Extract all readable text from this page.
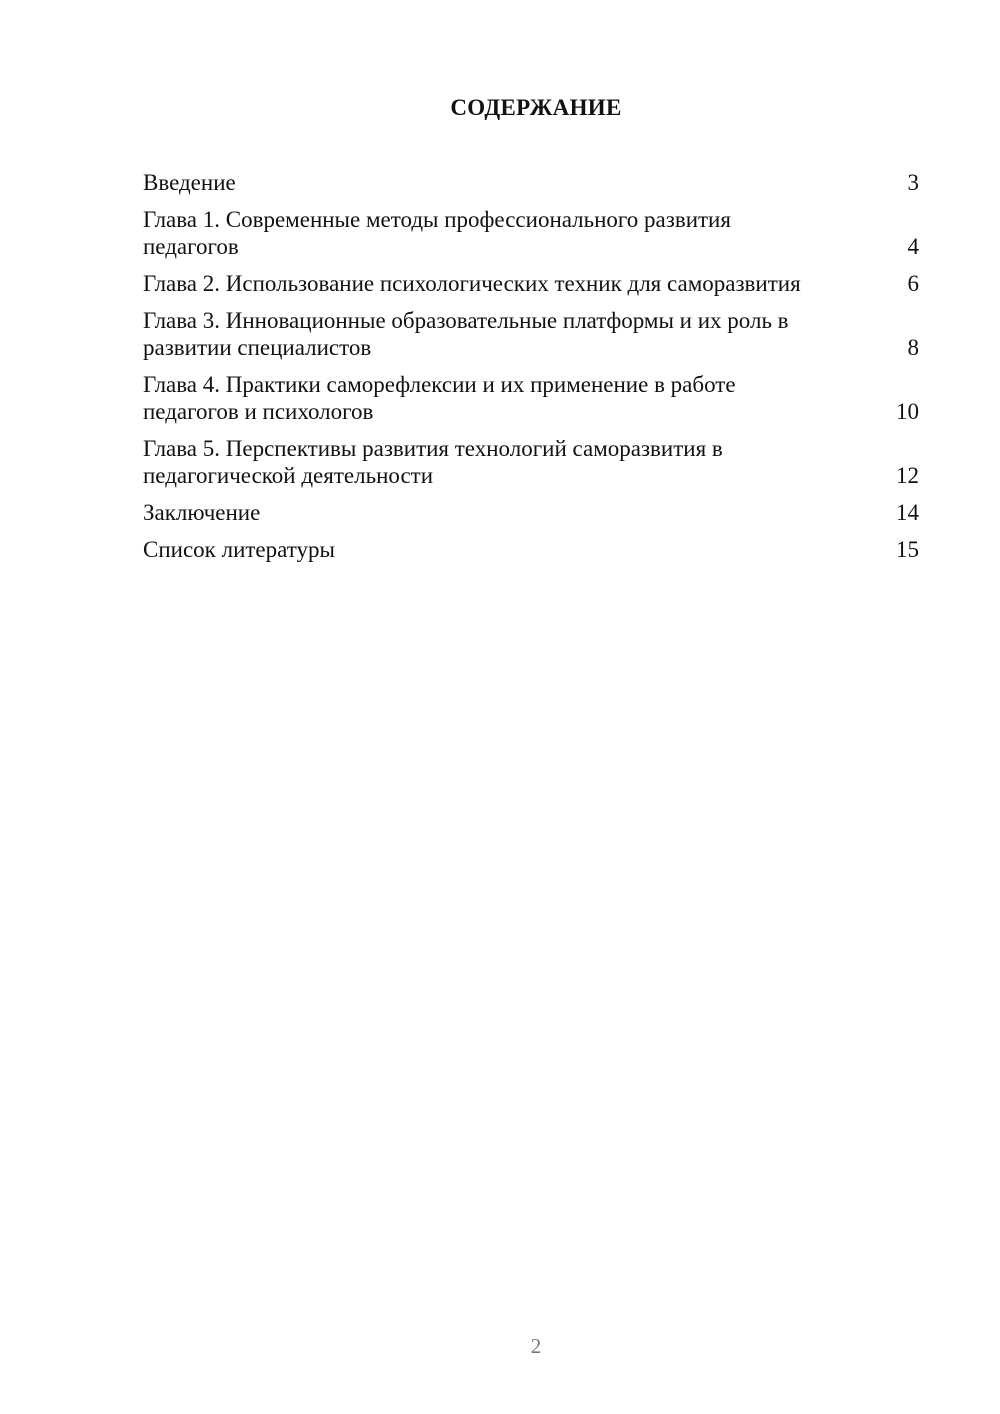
СОДЕРЖАНИЕ
Введение	3
Глава 1. Современные методы профессионального развития педагогов	4
Глава 2. Использование психологических техник для саморазвития	6
Глава 3. Инновационные образовательные платформы и их роль в развитии специалистов	8
Глава 4. Практики саморефлексии и их применение в работе педагогов и психологов	10
Глава 5. Перспективы развития технологий саморазвития в педагогической деятельности	12
Заключение	14
Список литературы	15
2
